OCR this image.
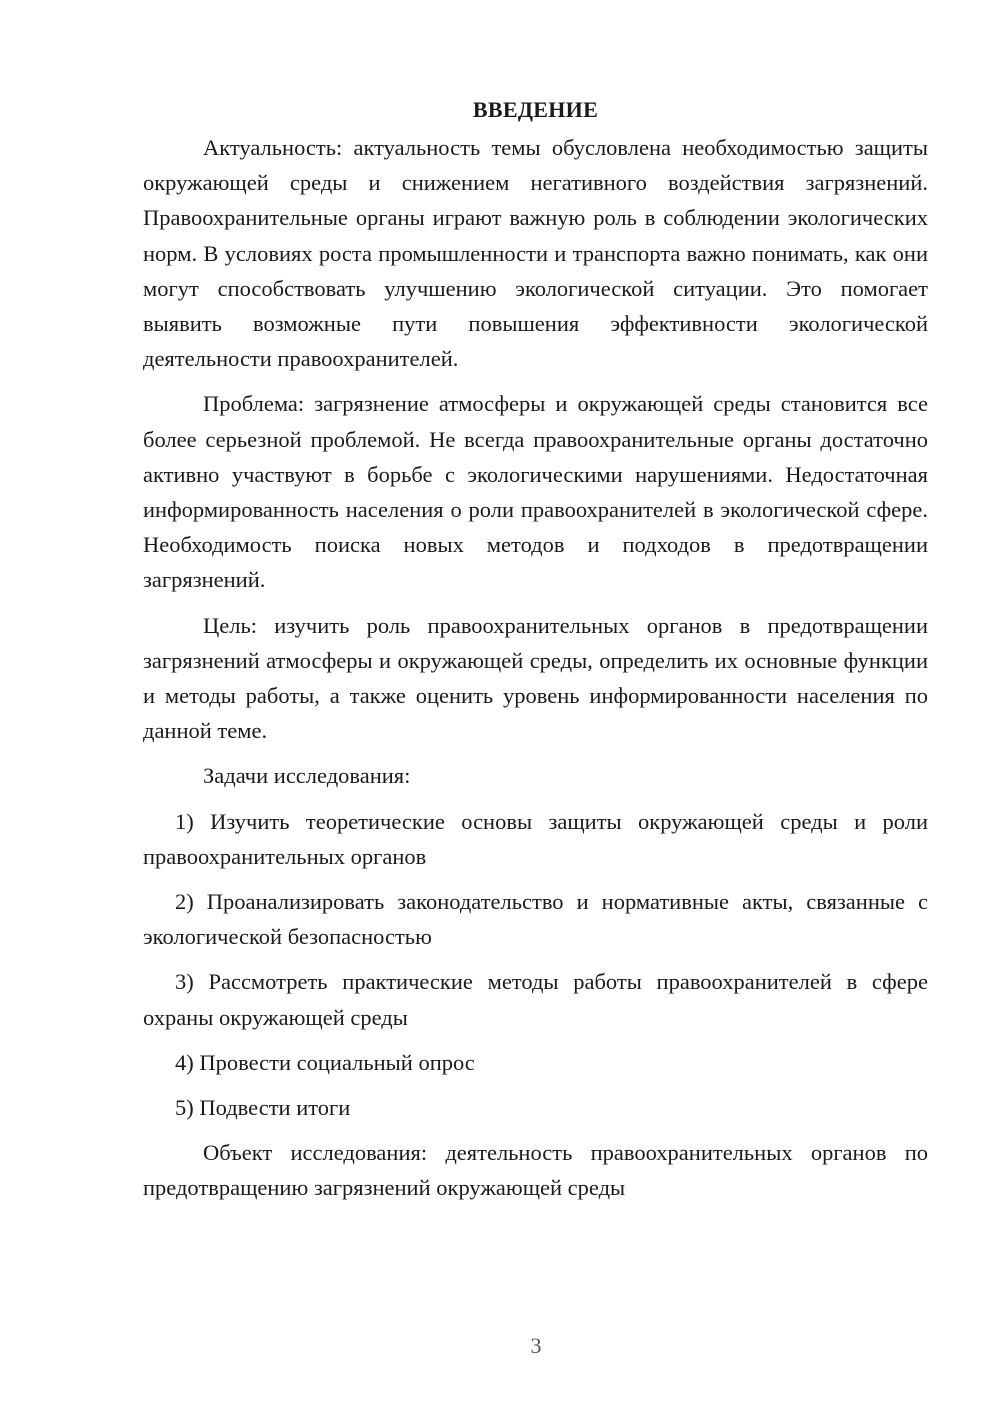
ВВЕДЕНИЕ

Актуальность: актуальность темы обусловлена необходимостью защиты окружающей среды и снижением негативного воздействия загрязнений. Правоохранительные органы играют важную роль в соблюдении экологических норм. В условиях роста промышленности и транспорта важно понимать, как они могут способствовать улучшению экологической ситуации. Это помогает выявить возможные пути повышения эффективности экологической деятельности правоохранителей.

Проблема: загрязнение атмосферы и окружающей среды становится все более серьезной проблемой. Не всегда правоохранительные органы достаточно активно участвуют в борьбе с экологическими нарушениями. Недостаточная информированность населения о роли правоохранителей в экологической сфере. Необходимость поиска новых методов и подходов в предотвращении загрязнений.

Цель: изучить роль правоохранительных органов в предотвращении загрязнений атмосферы и окружающей среды, определить их основные функции и методы работы, а также оценить уровень информированности населения по данной теме.

Задачи исследования:

1) Изучить теоретические основы защиты окружающей среды и роли правоохранительных органов

2) Проанализировать законодательство и нормативные акты, связанные с экологической безопасностью

3) Рассмотреть практические методы работы правоохранителей в сфере охраны окружающей среды

4) Провести социальный опрос

5) Подвести итоги

Объект исследования: деятельность правоохранительных органов по предотвращению загрязнений окружающей среды

3
